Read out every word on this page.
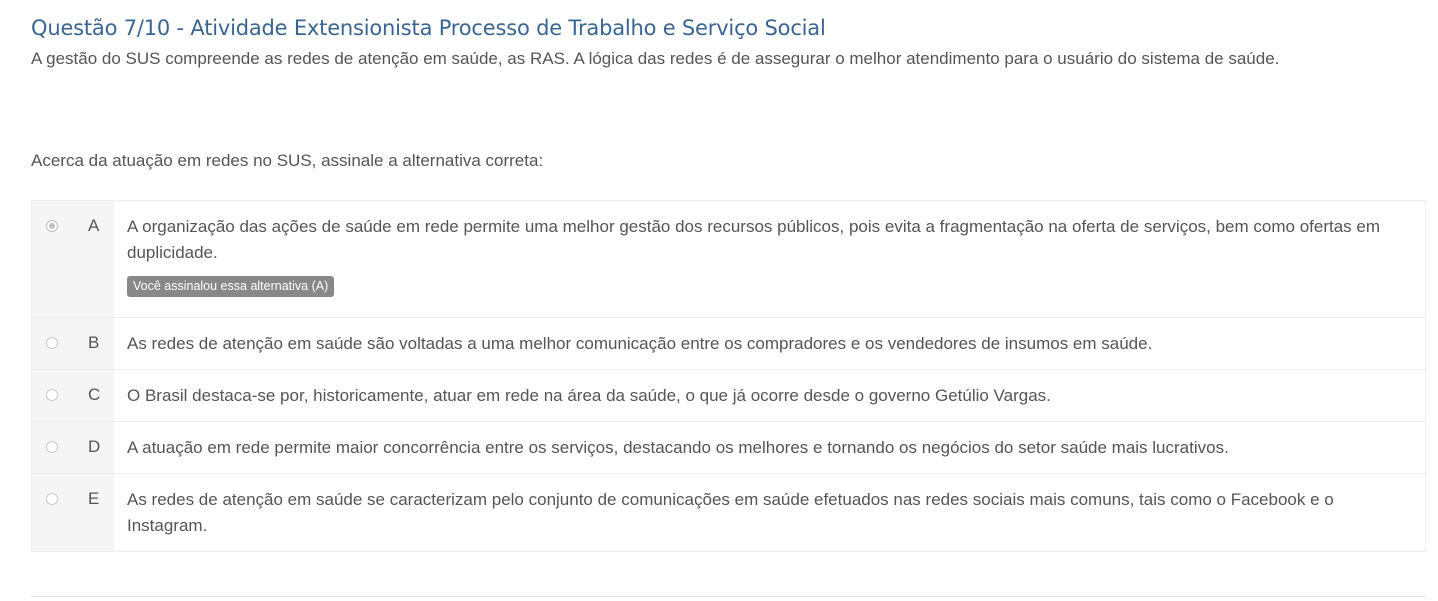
Questão 7/10 - Atividade Extensionista Processo de Trabalho e Serviço Social
A gestão do SUS compreende as redes de atenção em saúde, as RAS. A lógica das redes é de assegurar o melhor atendimento para o usuário do sistema de saúde.
Acerca da atuação em redes no SUS, assinale a alternativa correta:
A A organização das ações de saúde em rede permite uma melhor gestão dos recursos públicos, pois evita a fragmentação na oferta de serviços, bem como ofertas em duplicidade.
Você assinalou essa alternativa (A)
B As redes de atenção em saúde são voltadas a uma melhor comunicação entre os compradores e os vendedores de insumos em saúde.
C O Brasil destaca-se por, historicamente, atuar em rede na área da saúde, o que já ocorre desde o governo Getúlio Vargas.
D A atuação em rede permite maior concorrência entre os serviços, destacando os melhores e tornando os negócios do setor saúde mais lucrativos.
E As redes de atenção em saúde se caracterizam pelo conjunto de comunicações em saúde efetuados nas redes sociais mais comuns, tais como o Facebook e o Instagram.
